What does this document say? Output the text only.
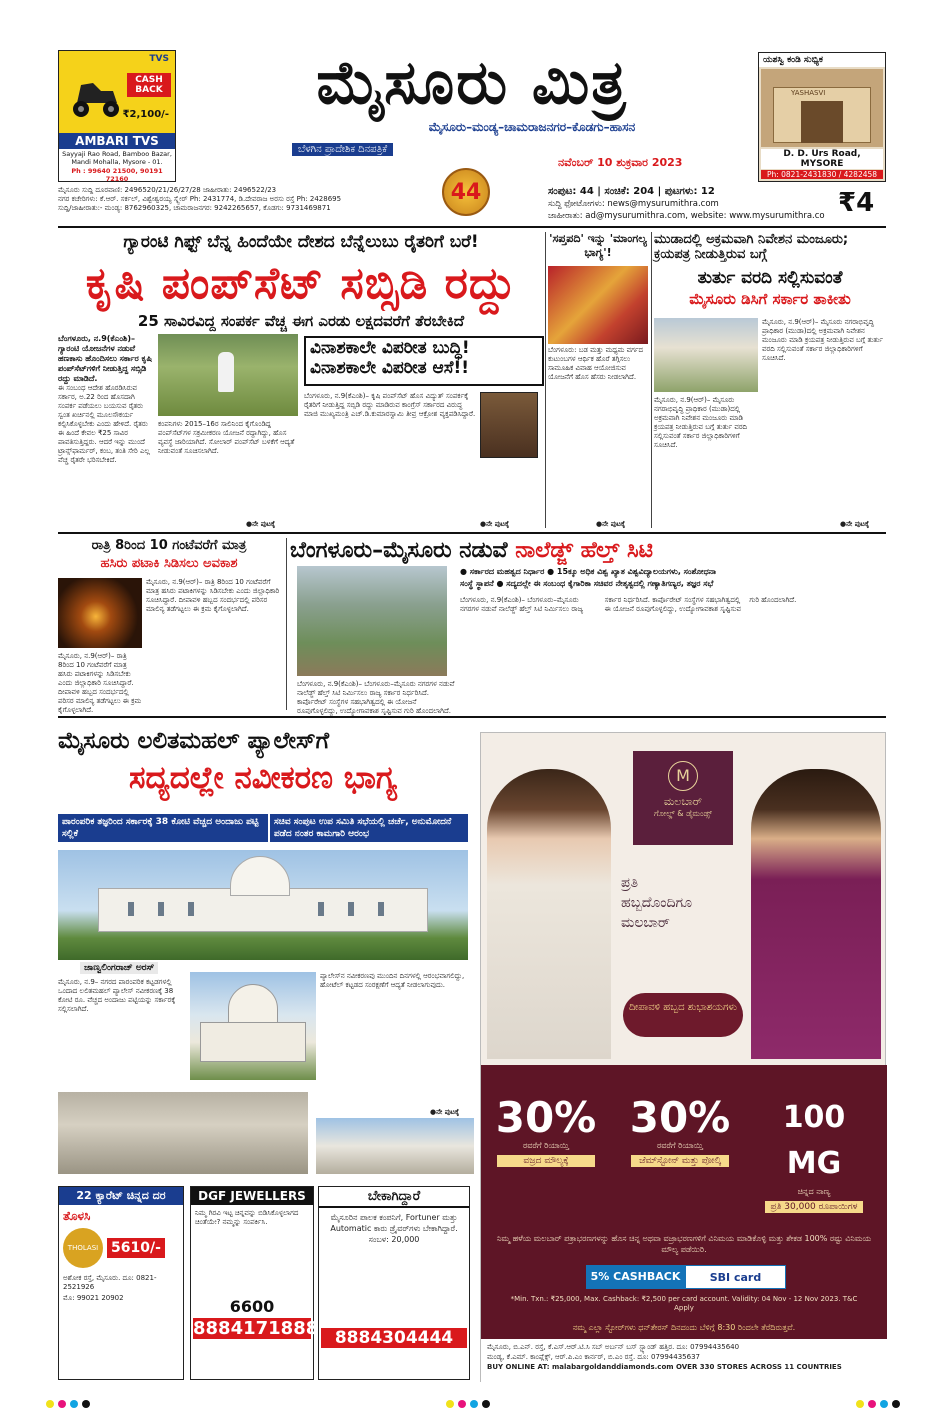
TVS
CASH BACK
₹2,100/-
AMBARI TVS
Sayyaji Rao Road, Bamboo Bazar, Mandi Mohalla, Mysore - 01.
Ph : 99640 21500, 90191 72160
ಮೈಸೂರು ಮಿತ್ರ
ಮೈಸೂರು–ಮಂಡ್ಯ–ಚಾಮರಾಜನಗರ–ಕೊಡಗು–ಹಾಸನ
ಬೆಳಗಿನ ಪ್ರಾದೇಶಿಕ ದಿನಪತ್ರಿಕೆ
ನವೆಂಬರ್ 10 ಶುಕ್ರವಾರ 2023
44
ಯಶಸ್ವಿ ಕಂಡಿ ಸುಭ್ಯಿಕ
YASHASVI
D. D. Urs Road, MYSORE
Ph: 0821-2431830 / 4282458
ಮೈಸೂರು ಸುದ್ದಿ ದೂರವಾಣಿ: 2496520/21/26/27/28 ಜಾಹೀರಾತು: 2496522/23
ನಗರ ಕಚೇರಿಗಳು: ಕೆ.ಆರ್. ಸರ್ಕಲ್, ವಿಶ್ವೇಶ್ವರಯ್ಯ ಸ್ಕ್ವೇರ್ Ph: 2431774, ಡಿ.ದೇವರಾಜ ಅರಸು ರಸ್ತೆ Ph: 2428695
ಸುದ್ದಿ/ಜಾಹೀರಾತು:- ಮಂಡ್ಯ: 8762960325, ಚಾಮರಾಜನಗರ: 9242265657, ಕೊಡಗು: 9731469871
ಸಂಪುಟ: 44 | ಸಂಚಿಕೆ: 204 | ಪುಟಗಳು: 12
ಸುದ್ದಿ ಫೋಟೋಗಳು: news@mysurumithra.com
ಜಾಹೀರಾತು: ad@mysurumithra.com, website: www.mysurumithra.co ₹4
ಗ್ಯಾರಂಟಿ ಗಿಫ್ಟ್ ಬೆನ್ನ ಹಿಂದೆಯೇ ದೇಶದ ಬೆನ್ನೆಲುಬು ರೈತರಿಗೆ ಬರೆ!
ಕೃಷಿ ಪಂಪ್‌ಸೆಟ್ ಸಬ್ಸಿಡಿ ರದ್ದು
25 ಸಾವಿರವಿದ್ದ ಸಂಪರ್ಕ ವೆಚ್ಚ ಈಗ ಎರಡು ಲಕ್ಷದವರೆಗೆ ತೆರಬೇಕಿದೆ
ಬೆಂಗಳೂರು, ನ.9(ಕೆಎಂಶಿ)–ಗ್ಯಾರಂಟಿ ಯೋಜನೆಗಳ ನಡುವೆ ಹಣಕಾಸು ಹೊಂದಿಸಲು ಸರ್ಕಾರ ಕೃಷಿ ಪಂಪ್‌ಸೆಟ್‌ಗಳಿಗೆ ನೀಡುತ್ತಿದ್ದ ಸಬ್ಸಿಡಿ ರದ್ದು ಮಾಡಿದೆ.
ಈ ಸಂಬಂಧ ಆದೇಶ ಹೊರಡಿಸಿರುವ ಸರ್ಕಾರ, ಅ.22 ರಿಂದ ಹೊಸದಾಗಿ ಸಂಪರ್ಕ ಪಡೆಯಲು ಬಯಸುವ ರೈತರು ಸ್ವಂತ ಖರ್ಚಿನಲ್ಲಿ ಮೂಲಸೌಕರ್ಯ ಕಲ್ಪಿಸಿಕೊಳ್ಳಬೇಕು ಎಂದು ಹೇಳಿದೆ. ರೈತರು ಈ ಹಿಂದೆ ಕೇವಲ ₹25 ಸಾವಿರ ಪಾವತಿಸುತ್ತಿದ್ದರು. ಆದರೆ ಇನ್ನು ಮುಂದೆ ಟ್ರಾನ್ಸ್‌ಫಾರ್ಮರ್, ಕಂಬ, ತಂತಿ ಸೇರಿ ಎಲ್ಲ ವೆಚ್ಚ ರೈತರೇ ಭರಿಸಬೇಕಿದೆ.
ಕಂಪನಿಗಳು 2015–16ರ ಸಾಲಿನಿಂದ ಕೈಗೊಂಡಿದ್ದ ಪಂಪ್‌ಸೆಟ್‌ಗಳ ಸಕ್ರಮೀಕರಣ ಯೋಜನೆ ರದ್ದಾಗಿದ್ದು, ಹೊಸ ವ್ಯವಸ್ಥೆ ಜಾರಿಯಾಗಿದೆ. ಸೋಲಾರ್ ಪಂಪ್‌ಸೆಟ್ ಬಳಕೆಗೆ ಆದ್ಯತೆ ನೀಡುವಂತೆ ಸೂಚಿಸಲಾಗಿದೆ.
●ನೇ ಪುಟಕ್ಕೆ
ವಿನಾಶಕಾಲೇ ವಿಪರೀತ ಬುದ್ಧಿ!
ವಿನಾಶಕಾಲೇ ವಿಪರೀತ ಆಸೆ!!
ಬೆಂಗಳೂರು, ನ.9(ಕೆಎಂಶಿ)– ಕೃಷಿ ಪಂಪ್‌ಸೆಟ್ ಹೊಸ ವಿದ್ಯುತ್ ಸಂಪರ್ಕಕ್ಕೆ ರೈತರಿಗೆ ನೀಡುತ್ತಿದ್ದ ಸಬ್ಸಿಡಿ ರದ್ದು ಮಾಡಿರುವ ಕಾಂಗ್ರೆಸ್ ಸರ್ಕಾರದ ವಿರುದ್ಧ ಮಾಜಿ ಮುಖ್ಯಮಂತ್ರಿ ಎಚ್.ಡಿ.ಕುಮಾರಸ್ವಾಮಿ ತೀವ್ರ ಆಕ್ರೋಶ ವ್ಯಕ್ತಪಡಿಸಿದ್ದಾರೆ.
●ನೇ ಪುಟಕ್ಕೆ
'ಸಪ್ತಪದಿ' ಇನ್ನು 'ಮಾಂಗಲ್ಯ ಭಾಗ್ಯ'!
ಬೆಂಗಳೂರು: ಬಡ ಮತ್ತು ಮಧ್ಯಮ ವರ್ಗದ ಕುಟುಂಬಗಳ ಆರ್ಥಿಕ ಹೊರೆ ತಗ್ಗಿಸಲು ಸಾಮೂಹಿಕ ವಿವಾಹ ಆಯೋಜಿಸುವ ಯೋಜನೆಗೆ ಹೊಸ ಹೆಸರು ನೀಡಲಾಗಿದೆ.
●ನೇ ಪುಟಕ್ಕೆ
ಮುಡಾದಲ್ಲಿ ಅಕ್ರಮವಾಗಿ ನಿವೇಶನ ಮಂಜೂರು; ಕ್ರಯಪತ್ರ ನೀಡುತ್ತಿರುವ ಬಗ್ಗೆ
ತುರ್ತು ವರದಿ ಸಲ್ಲಿಸುವಂತೆ
ಮೈಸೂರು ಡಿಸಿಗೆ ಸರ್ಕಾರ ತಾಕೀತು
ಮೈಸೂರು, ನ.9(ಆರ್)– ಮೈಸೂರು ನಗರಾಭಿವೃದ್ಧಿ ಪ್ರಾಧಿಕಾರ (ಮುಡಾ)ದಲ್ಲಿ ಅಕ್ರಮವಾಗಿ ನಿವೇಶನ ಮಂಜೂರು ಮಾಡಿ ಕ್ರಯಪತ್ರ ನೀಡುತ್ತಿರುವ ಬಗ್ಗೆ ತುರ್ತು ವರದಿ ಸಲ್ಲಿಸುವಂತೆ ಸರ್ಕಾರ ಜಿಲ್ಲಾಧಿಕಾರಿಗಳಿಗೆ ಸೂಚಿಸಿದೆ.
ಮೈಸೂರು, ನ.9(ಆರ್)– ಮೈಸೂರು ನಗರಾಭಿವೃದ್ಧಿ ಪ್ರಾಧಿಕಾರ (ಮುಡಾ)ದಲ್ಲಿ ಅಕ್ರಮವಾಗಿ ನಿವೇಶನ ಮಂಜೂರು ಮಾಡಿ ಕ್ರಯಪತ್ರ ನೀಡುತ್ತಿರುವ ಬಗ್ಗೆ ತುರ್ತು ವರದಿ ಸಲ್ಲಿಸುವಂತೆ ಸರ್ಕಾರ ಜಿಲ್ಲಾಧಿಕಾರಿಗಳಿಗೆ ಸೂಚಿಸಿದೆ.
●ನೇ ಪುಟಕ್ಕೆ
ರಾತ್ರಿ 8ರಿಂದ 10 ಗಂಟೆವರೆಗೆ ಮಾತ್ರ
ಹಸಿರು ಪಟಾಕಿ ಸಿಡಿಸಲು ಅವಕಾಶ
ಮೈಸೂರು, ನ.9(ಆರ್)– ರಾತ್ರಿ 8ರಿಂದ 10 ಗಂಟೆವರೆಗೆ ಮಾತ್ರ ಹಸಿರು ಪಟಾಕಿಗಳನ್ನು ಸಿಡಿಸಬೇಕು ಎಂದು ಜಿಲ್ಲಾಧಿಕಾರಿ ಸೂಚಿಸಿದ್ದಾರೆ. ದೀಪಾವಳಿ ಹಬ್ಬದ ಸಂದರ್ಭದಲ್ಲಿ ಪರಿಸರ ಮಾಲಿನ್ಯ ತಡೆಗಟ್ಟಲು ಈ ಕ್ರಮ ಕೈಗೊಳ್ಳಲಾಗಿದೆ.
ಮೈಸೂರು, ನ.9(ಆರ್)– ರಾತ್ರಿ 8ರಿಂದ 10 ಗಂಟೆವರೆಗೆ ಮಾತ್ರ ಹಸಿರು ಪಟಾಕಿಗಳನ್ನು ಸಿಡಿಸಬೇಕು ಎಂದು ಜಿಲ್ಲಾಧಿಕಾರಿ ಸೂಚಿಸಿದ್ದಾರೆ. ದೀಪಾವಳಿ ಹಬ್ಬದ ಸಂದರ್ಭದಲ್ಲಿ ಪರಿಸರ ಮಾಲಿನ್ಯ ತಡೆಗಟ್ಟಲು ಈ ಕ್ರಮ ಕೈಗೊಳ್ಳಲಾಗಿದೆ.
ಬೆಂಗಳೂರು–ಮೈಸೂರು ನಡುವೆ ನಾಲೆಡ್ಜ್ ಹೆಲ್ತ್ ಸಿಟಿ
● ಸರ್ಕಾರದ ಮಹತ್ವದ ನಿರ್ಧಾರ ● 15ಕ್ಕೂ ಅಧಿಕ ವಿಶ್ವ ಖ್ಯಾತ ವಿಶ್ವವಿದ್ಯಾಲಯಗಳು, ಸಂಶೋಧನಾ
ಸಂಸ್ಥೆ ಸ್ಥಾಪನೆ ● ಸದ್ಯದಲ್ಲೇ ಈ ಸಂಬಂಧ ಕೈಗಾರಿಕಾ ಸಚಿವರ ನೇತೃತ್ವದಲ್ಲಿ ಗಣ್ಯಾತಿಗಣ್ಯರ, ತಜ್ಞರ ಸಭೆ
ಬೆಂಗಳೂರು, ನ.9(ಕೆಎಂಶಿ)– ಬೆಂಗಳೂರು–ಮೈಸೂರು ನಗರಗಳ ನಡುವೆ ನಾಲೆಡ್ಜ್ ಹೆಲ್ತ್ ಸಿಟಿ ನಿರ್ಮಿಸಲು ರಾಜ್ಯ ಸರ್ಕಾರ ನಿರ್ಧರಿಸಿದೆ. ಕಾರ್ಪೊರೇಟ್ ಸಂಸ್ಥೆಗಳ ಸಹಭಾಗಿತ್ವದಲ್ಲಿ ಈ ಯೋಜನೆ ರೂಪುಗೊಳ್ಳಲಿದ್ದು, ಉದ್ಯೋಗಾವಕಾಶ ಸೃಷ್ಟಿಸುವ ಗುರಿ ಹೊಂದಲಾಗಿದೆ.
ಬೆಂಗಳೂರು, ನ.9(ಕೆಎಂಶಿ)– ಬೆಂಗಳೂರು–ಮೈಸೂರು ನಗರಗಳ ನಡುವೆ ನಾಲೆಡ್ಜ್ ಹೆಲ್ತ್ ಸಿಟಿ ನಿರ್ಮಿಸಲು ರಾಜ್ಯ ಸರ್ಕಾರ ನಿರ್ಧರಿಸಿದೆ. ಕಾರ್ಪೊರೇಟ್ ಸಂಸ್ಥೆಗಳ ಸಹಭಾಗಿತ್ವದಲ್ಲಿ ಈ ಯೋಜನೆ ರೂಪುಗೊಳ್ಳಲಿದ್ದು, ಉದ್ಯೋಗಾವಕಾಶ ಸೃಷ್ಟಿಸುವ ಗುರಿ ಹೊಂದಲಾಗಿದೆ.
ಮೈಸೂರು ಲಲಿತಮಹಲ್ ಪ್ಯಾಲೇಸ್‌ಗೆ
ಸದ್ಯದಲ್ಲೇ ನವೀಕರಣ ಭಾಗ್ಯ
ಪಾರಂಪರಿಕ ತಜ್ಞರಿಂದ ಸರ್ಕಾರಕ್ಕೆ 38 ಕೋಟಿ ವೆಚ್ಚದ ಅಂದಾಜು ಪಟ್ಟಿ ಸಲ್ಲಿಕೆ
ಸಚಿವ ಸಂಪುಟ ಉಪ ಸಮಿತಿ ಸಭೆಯಲ್ಲಿ ಚರ್ಚೆ, ಅನುಮೋದನೆ ಪಡೆದ ನಂತರ ಕಾಮಗಾರಿ ಆರಂಭ
ಜಾಣ್ವಲಿಂಗರಾಜ್ ಅರಸ್
ಮೈಸೂರು, ನ.9– ನಗರದ ಪಾರಂಪರಿಕ ಕಟ್ಟಡಗಳಲ್ಲಿ ಒಂದಾದ ಲಲಿತಮಹಲ್ ಪ್ಯಾಲೇಸ್ ನವೀಕರಣಕ್ಕೆ 38 ಕೋಟಿ ರೂ. ವೆಚ್ಚದ ಅಂದಾಜು ಪಟ್ಟಿಯನ್ನು ಸರ್ಕಾರಕ್ಕೆ ಸಲ್ಲಿಸಲಾಗಿದೆ.
ಪ್ಯಾಲೇಸ್‌ನ ನವೀಕರಣವು ಮುಂದಿನ ದಿನಗಳಲ್ಲಿ ಆರಂಭವಾಗಲಿದ್ದು, ಹೋಟೆಲ್ ಕಟ್ಟಡದ ಸಂರಕ್ಷಣೆಗೆ ಆದ್ಯತೆ ನೀಡಲಾಗುವುದು.
●ನೇ ಪುಟಕ್ಕೆ
M
ಮಲಬಾರ್
ಗೋಲ್ಡ್ & ಡೈಮಂಡ್ಸ್
ಪ್ರತಿ
ಹಬ್ಬದೊಂದಿಗೂ
ಮಲಬಾರ್
ದೀಪಾವಳಿ ಹಬ್ಬದ ಶುಭಾಶಯಗಳು
30%
ರವರೆಗೆ ರಿಯಾಯ್ತಿ
ವಜ್ರದ ಮೌಲ್ಯಕ್ಕೆ
30%
ರವರೆಗೆ ರಿಯಾಯ್ತಿ
ಜೆಮ್‌ಸ್ಟೋನ್ ಮತ್ತು ಪೋಲ್ಕಿ
100 MG
ಚಿನ್ನದ ನಾಣ್ಯ
ಪ್ರತಿ 30,000 ರೂಪಾಯಿಗಳ
ನಿಮ್ಮ ಹಳೆಯ ಮಲಬಾರ್ ಪತ್ರಾಭರಣಗಳನ್ನು ಹೊಸ ಚಿನ್ನ ಅಥವಾ ವಜ್ರಾಭರಣಗಳಿಗೆ ವಿನಿಮಯ ಮಾಡಿಕೊಳ್ಳಿ ಮತ್ತು ಶೇಕಡ 100% ರಷ್ಟು ವಿನಿಮಯ ಮೌಲ್ಯ ಪಡೆಯಿರಿ.
5% CASHBACK	SBI card
*Min. Txn.: ₹25,000, Max. Cashback: ₹2,500 per card account. Validity: 04 Nov - 12 Nov 2023. T&C Apply
ನಮ್ಮ ಎಲ್ಲಾ ಸ್ಟೋರ್‌ಗಳು ಧನ್‌ತೇರಸ್‌ ದಿನದಂದು ಬೆಳಿಗ್ಗೆ 8:30 ರಿಂದಲೇ ತೆರೆದಿರುತ್ತವೆ.
ಮೈಸೂರು, ಬಿ.ಎನ್. ರಸ್ತೆ, ಕೆ.ಎಸ್.ಆರ್.ಟಿ.ಸಿ ಸಬ್ ಅರ್ಬನ್ ಬಸ್ ಸ್ಟ್ಯಾಂಡ್ ಹತ್ತಿರ. ದೂ: 07994435640
ಮಂಡ್ಯ, ಕೆ.ಎಮ್. ಕಾಂಪ್ಲೆಕ್ಸ್, ಆರ್.ಪಿ.ಎಂ ಕಾರ್ನರ್, ಬಿ.ಎಂ ರಸ್ತೆ. ದೂ: 07994435637
BUY ONLINE AT: malabargoldanddiamonds.com OVER 330 STORES ACROSS 11 COUNTRIES
22 ಕ್ಯಾರೆಟ್ ಚಿನ್ನದ ದರ
ತೊಳಸಿ
THOLASI 5610/-
ಅಶೋಕ ರಸ್ತೆ, ಮೈಸೂರು. ದೂ: 0821-2521926
ಮೊ: 99021 20902
DGF JEWELLERS
ನಿಮ್ಮ ಗಿರವಿ ಇಟ್ಟ ಚಿನ್ನವನ್ನು ಬಿಡಿಸಿಕೊಳ್ಳಲಾಗದ ಚಿಂತೆಯೇ? ನಮ್ಮನ್ನು ಸಂಪರ್ಕಿಸಿ.
6600
8884171888
ಬೇಕಾಗಿದ್ದಾರೆ
ಮೈಸೂರಿನ ಪಾಲಕ ಕಂಪನಿಗೆ, Fortuner ಮತ್ತು Automatic ಕಾರು ಡ್ರೈವರ್‌ಗಳು ಬೇಕಾಗಿದ್ದಾರೆ. ಸಂಬಳ: 20,000
8884304444
